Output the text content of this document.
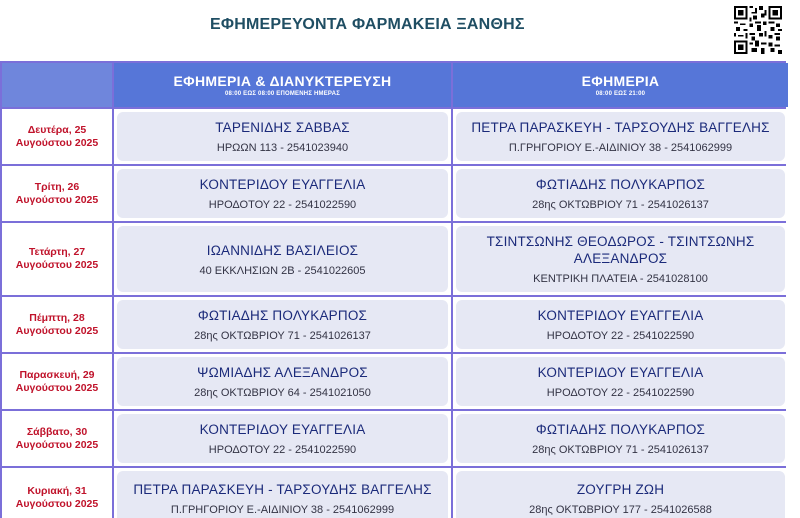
ΕΦΗΜΕΡΕΥΟΝΤΑ ΦΑΡΜΑΚΕΙΑ ΞΑΝΘΗΣ
ΕΦΗΜΕΡΙΑ & ΔΙΑΝΥΚΤΕΡΕΥΣΗ
08:00 ΕΩΣ 08:00 ΕΠΟΜΕΝΗΣ ΗΜΕΡΑΣ
ΕΦΗΜΕΡΙΑ
08:00 ΕΩΣ 21:00
Δευτέρα, 25
Αυγούστου 2025
ΤΑΡΕΝΙΔΗΣ ΣΑΒΒΑΣ
ΗΡΩΩΝ 113 - 2541023940
ΠΕΤΡΑ ΠΑΡΑΣΚΕΥΗ - ΤΑΡΣΟΥΔΗΣ ΒΑΓΓΕΛΗΣ
Π.ΓΡΗΓΟΡΙΟΥ Ε.-ΑΙΔΙΝΙΟΥ 38 - 2541062999
Τρίτη, 26
Αυγούστου 2025
ΚΟΝΤΕΡΙΔΟΥ ΕΥΑΓΓΕΛΙΑ
ΗΡΟΔΟΤΟΥ 22 - 2541022590
ΦΩΤΙΑΔΗΣ ΠΟΛΥΚΑΡΠΟΣ
28ης ΟΚΤΩΒΡΙΟΥ 71 - 2541026137
Τετάρτη, 27
Αυγούστου 2025
ΙΩΑΝΝΙΔΗΣ ΒΑΣΙΛΕΙΟΣ
40 ΕΚΚΛΗΣΙΩΝ 2Β - 2541022605
ΤΣΙΝΤΣΩΝΗΣ ΘΕΟΔΩΡΟΣ - ΤΣΙΝΤΣΩΝΗΣ ΑΛΕΞΑΝΔΡΟΣ
ΚΕΝΤΡΙΚΗ ΠΛΑΤΕΙΑ - 2541028100
Πέμπτη, 28
Αυγούστου 2025
ΦΩΤΙΑΔΗΣ ΠΟΛΥΚΑΡΠΟΣ
28ης ΟΚΤΩΒΡΙΟΥ 71 - 2541026137
ΚΟΝΤΕΡΙΔΟΥ ΕΥΑΓΓΕΛΙΑ
ΗΡΟΔΟΤΟΥ 22 - 2541022590
Παρασκευή, 29
Αυγούστου 2025
ΨΩΜΙΑΔΗΣ ΑΛΕΞΑΝΔΡΟΣ
28ης ΟΚΤΩΒΡΙΟΥ 64 - 2541021050
ΚΟΝΤΕΡΙΔΟΥ ΕΥΑΓΓΕΛΙΑ
ΗΡΟΔΟΤΟΥ 22 - 2541022590
Σάββατο, 30
Αυγούστου 2025
ΚΟΝΤΕΡΙΔΟΥ ΕΥΑΓΓΕΛΙΑ
ΗΡΟΔΟΤΟΥ 22 - 2541022590
ΦΩΤΙΑΔΗΣ ΠΟΛΥΚΑΡΠΟΣ
28ης ΟΚΤΩΒΡΙΟΥ 71 - 2541026137
Κυριακή, 31
Αυγούστου 2025
ΠΕΤΡΑ ΠΑΡΑΣΚΕΥΗ - ΤΑΡΣΟΥΔΗΣ ΒΑΓΓΕΛΗΣ
Π.ΓΡΗΓΟΡΙΟΥ Ε.-ΑΙΔΙΝΙΟΥ 38 - 2541062999
ΖΟΥΓΡΗ ΖΩΗ
28ης ΟΚΤΩΒΡΙΟΥ 177 - 2541026588
